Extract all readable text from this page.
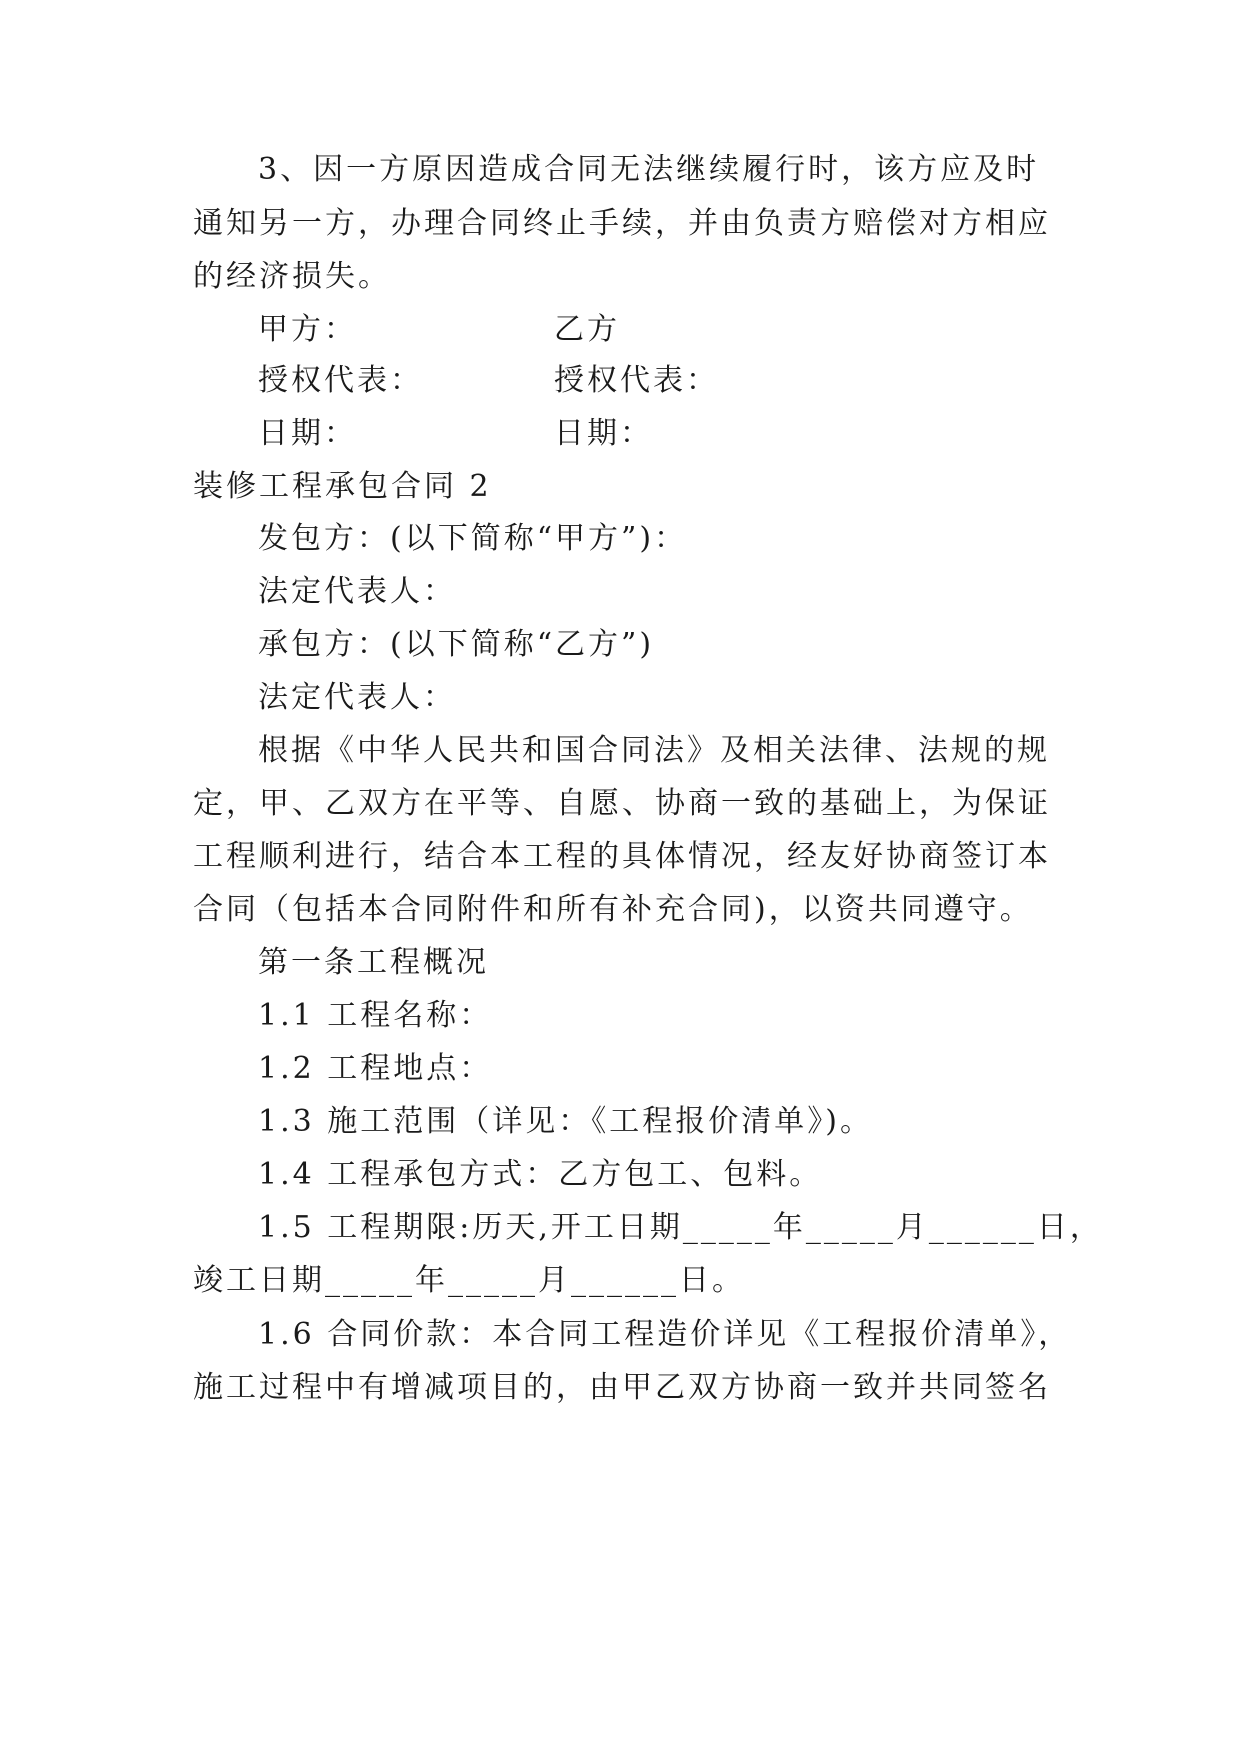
3、因一方原因造成合同无法继续履行时，该方应及时
通知另一方，办理合同终止手续，并由负责方赔偿对方相应
的经济损失。
甲方：	乙方
授权代表：	授权代表：
日期：	日期：
装修工程承包合同 2
发包方：(以下简称“甲方”)：
法定代表人：
承包方：(以下简称“乙方”)
法定代表人：
根据《中华人民共和国合同法》及相关法律、法规的规
定，甲、乙双方在平等、自愿、协商一致的基础上，为保证
工程顺利进行，结合本工程的具体情况，经友好协商签订本
合同（包括本合同附件和所有补充合同)，以资共同遵守。
第一条工程概况
1.1 工程名称：
1.2 工程地点：
1.3 施工范围（详见：《工程报价清单》)。
1.4 工程承包方式：乙方包工、包料。
1.5 工程期限:历天,开工日期_____年_____月______日，
竣工日期_____年_____月______日。
1.6 合同价款：本合同工程造价详见《工程报价清单》，
施工过程中有增减项目的，由甲乙双方协商一致并共同签名
